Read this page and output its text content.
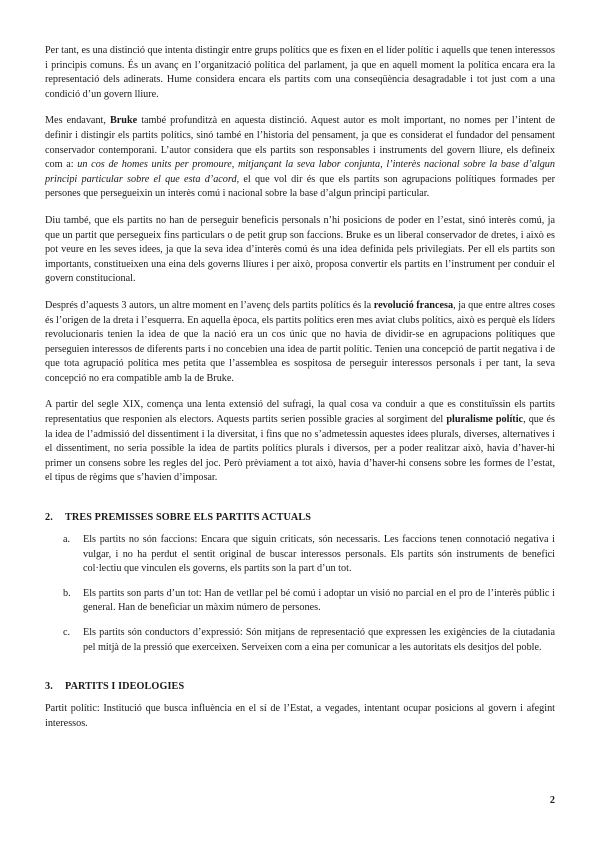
Per tant, es una distinció que intenta distingir entre grups polítics que es fixen en el líder polític i aquells que tenen interessos i principis comuns. És un avanç en l’organització política del parlament, ja que en aquell moment la política encara era la representació dels adinerats. Hume considera encara els partits com una conseqüència desagradable i tot just com a una condició d’un govern lliure.

Mes endavant, Bruke també profunditzà en aquesta distinció. Aquest autor es molt important, no nomes per l’intent de definir i distingir els partits polítics, sinó també en l’historia del pensament, ja que es considerat el fundador del pensament conservador contemporani. L’autor considera que els partits son responsables i instruments del govern lliure, els defineix com a: un cos de homes units per promoure, mitjançant la seva labor conjunta, l’interès nacional sobre la base d’algun principi particular sobre el que esta d’acord, el que vol dir és que els partits son agrupacions polítiques formades per persones que persegueixin un interès comú i nacional sobre la base d’algun principi particular.

Diu també, que els partits no han de perseguir beneficis personals n’hi posicions de poder en l’estat, sinó interès comú, ja que un partit que persegueix fins particulars o de petit grup son faccions. Bruke es un liberal conservador de dretes, i això es pot veure en les seves idees, ja que la seva idea d’interès comú és una idea definida pels privilegiats. Per ell els partits son importants, constitueixen una eina dels governs lliures i per això, proposa convertir els partits en l’instrument per conduir el govern constitucional.

Després d’aquests 3 autors, un altre moment en l’avenç dels partits polítics és la revolució francesa, ja que entre altres coses és l’origen de la dreta i l’esquerra. En aquella època, els partits polítics eren mes aviat clubs polítics, això es perquè els líders revolucionaris tenien la idea de que la nació era un cos únic que no havia de dividir-se en agrupacions polítiques que perseguien interessos de diferents parts i no concebien una idea de partit polític. Tenien una concepció de partit negativa i de que tota agrupació política mes petita que l’assemblea es sospitosa de perseguir interessos personals i per tant, la seva concepció no era compatible amb la de Bruke.

A partir del segle XIX, comença una lenta extensió del sufragi, la qual cosa va conduir a que es constituïssin els partits representatius que responien als electors. Aquests partits serien possible gracies al sorgiment del pluralisme polític, que és la idea de l’admissió del dissentiment i la diversitat, i fins que no s’admetessin aquestes idees plurals, diverses, alternatives i el dissentiment, no seria possible la idea de partits polítics plurals i diversos, per a poder realitzar això, havia d’haver-hi primer un consens sobre les regles del joc. Però prèviament a tot això, havia d’haver-hi consens sobre les formes de l’estat, el tipus de règims que s’havien d’imposar.

2. TRES PREMISSES SOBRE ELS PARTITS ACTUALS
a. Els partits no són faccions: Encara que siguin criticats, són necessaris. Les faccions tenen connotació negativa i vulgar, i no ha perdut el sentit original de buscar interessos personals. Els partits són instruments de benefici col·lectiu que vinculen els governs, els partits son la part d’un tot.
b. Els partits son parts d’un tot: Han de vetllar pel bé comú i adoptar un visió no parcial en el pro de l’interès públic i general. Han de beneficiar un màxim número de persones.
c. Els partits són conductors d’expressió: Són mitjans de representació que expressen les exigències de la ciutadania pel mitjà de la pressió que exerceixen. Serveixen com a eina per comunicar a les autoritats els desitjos del poble.
3. PARTITS I IDEOLOGIES

Partit polític: Institució que busca influència en el sí de l’Estat, a vegades, intentant ocupar posicions al govern i afegint interessos.

2
